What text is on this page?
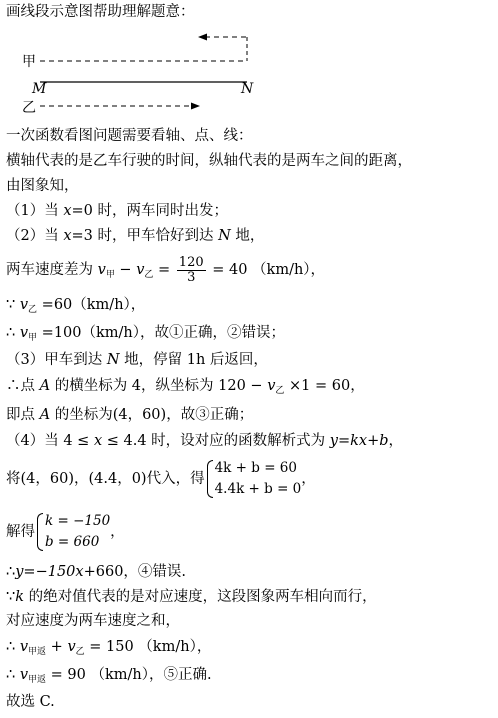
画线段示意图帮助理解题意：
甲
M	N
乙
一次函数看图问题需要看轴、点、线：
横轴代表的是乙车行驶的时间，纵轴代表的是两车之间的距离，
由图象知，
（1）当 x=0 时，两车同时出发；
（2）当 x=3 时，甲车恰好到达 N 地，
两车速度差为 $v_甲 - v_乙 = \frac{120}{3} = 40$ （km/h），
∵ $v_乙 =60(km/h)$，
∴ $v_甲 =100(km/h)$，故①正确，②错误；
（3）甲车到达 N 地，停留 1h 后返回，
∴点 A 的横坐标为 4，纵坐标为 $120 - v_乙 \times 1 = 60$，
即点 A 的坐标为(4，60)，故③正确；
（4）当 4 ≤ x ≤ 4.4 时，设对应的函数解析式为 y=kx+b，
将(4，60)，(4.4，0)代入，得
4k + b = 60
4.4k + b = 0
，
解得
k = −150
b = 660
，
∴y=−150x+660，④错误.
∵k 的绝对值代表的是对应速度，这段图象两车相向而行，
对应速度为两车速度之和，
∴ $v_{甲返} + v_乙 = 150$ （km/h），
∴ $v_{甲返} = 90$ （km/h），⑤正确.
故选 C.
